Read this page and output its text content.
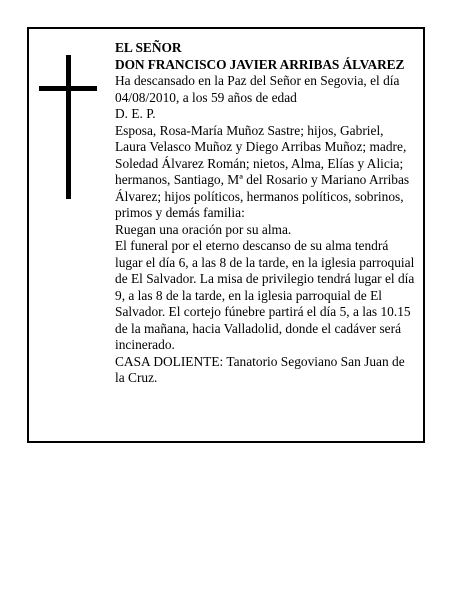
EL SEÑOR

DON FRANCISCO JAVIER ARRIBAS ÁLVAREZ

Ha descansado en la Paz del Señor en Segovia, el día 04/08/2010, a los 59 años de edad

D. E. P.

Esposa, Rosa-María Muñoz Sastre; hijos, Gabriel, Laura Velasco Muñoz y Diego Arribas Muñoz; madre, Soledad Álvarez Román; nietos, Alma, Elías y Alicia; hermanos, Santiago, Mª del Rosario y Mariano Arribas Álvarez; hijos políticos, hermanos políticos, sobrinos, primos y demás familia:

Ruegan una oración por su alma.

El funeral por el eterno descanso de su alma tendrá lugar el día 6, a las 8 de la tarde, en la iglesia parroquial de El Salvador. La misa de privilegio tendrá lugar el día 9, a las 8 de la tarde, en la iglesia parroquial de El Salvador. El cortejo fúnebre partirá el día 5, a las 10.15 de la mañana, hacia Valladolid, donde el cadáver será incinerado.

CASA DOLIENTE: Tanatorio Segoviano San Juan de la Cruz.
